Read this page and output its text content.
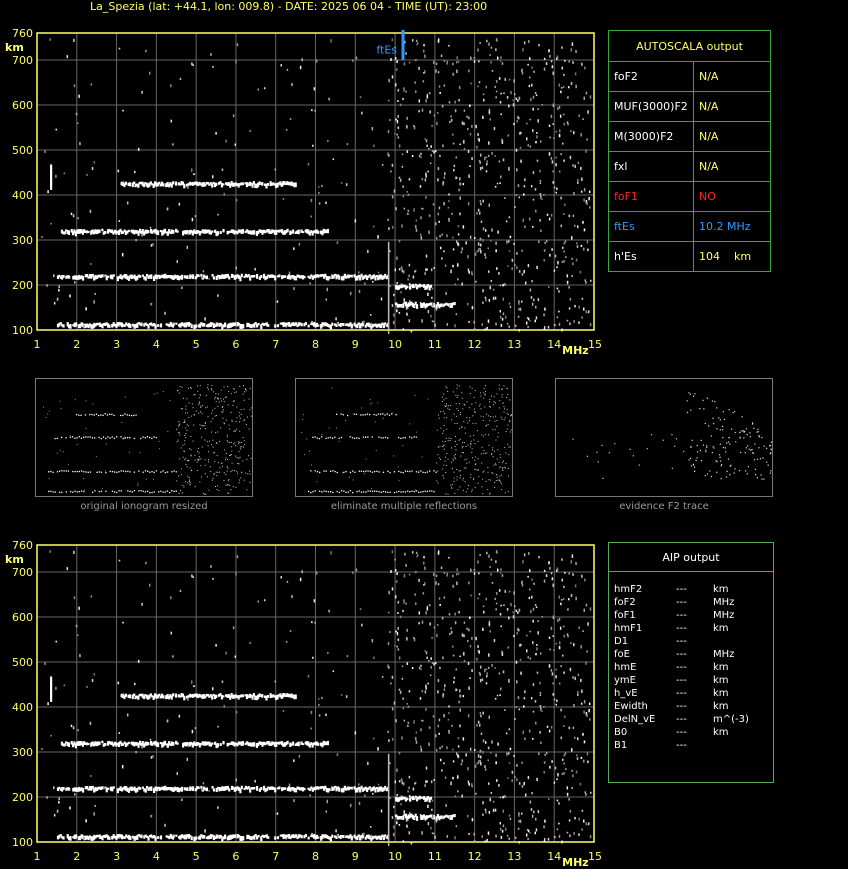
La_Spezia (lat: +44.1, lon: 009.8) - DATE: 2025 06 04 - TIME (UT): 23:00
1	2	3	4	5	6	7	8	9	10 11 12 13 14 15
100
200
300
400
500
600
700
760
km
MHz
ftEs	AUTOSCALA output	
foF2	N/A
MUF(3000)F2	N/A
M(3000)F2	N/A
fxl	N/A
foF1	NO
ftEs	10.2 MHz
h'Es	104 km
original ionogram resized	eliminate multiple reflections	evidence F2 trace
1	2	3	4	5	6	7	8	9	10 11 12 13 14 15
100
200
300
400
500
600
700
760
km
MHz
AIP output
hmF2	---	km
foF2	---	MHz
foF1	---	MHz
hmF1	---	km
D1	---
foE	---	MHz
hmE	---	km
ymE	---	km
h_vE	---	km
Ewidth	---	km
DelN_vE ---	m^(-3)
B0	---	km
B1	---
